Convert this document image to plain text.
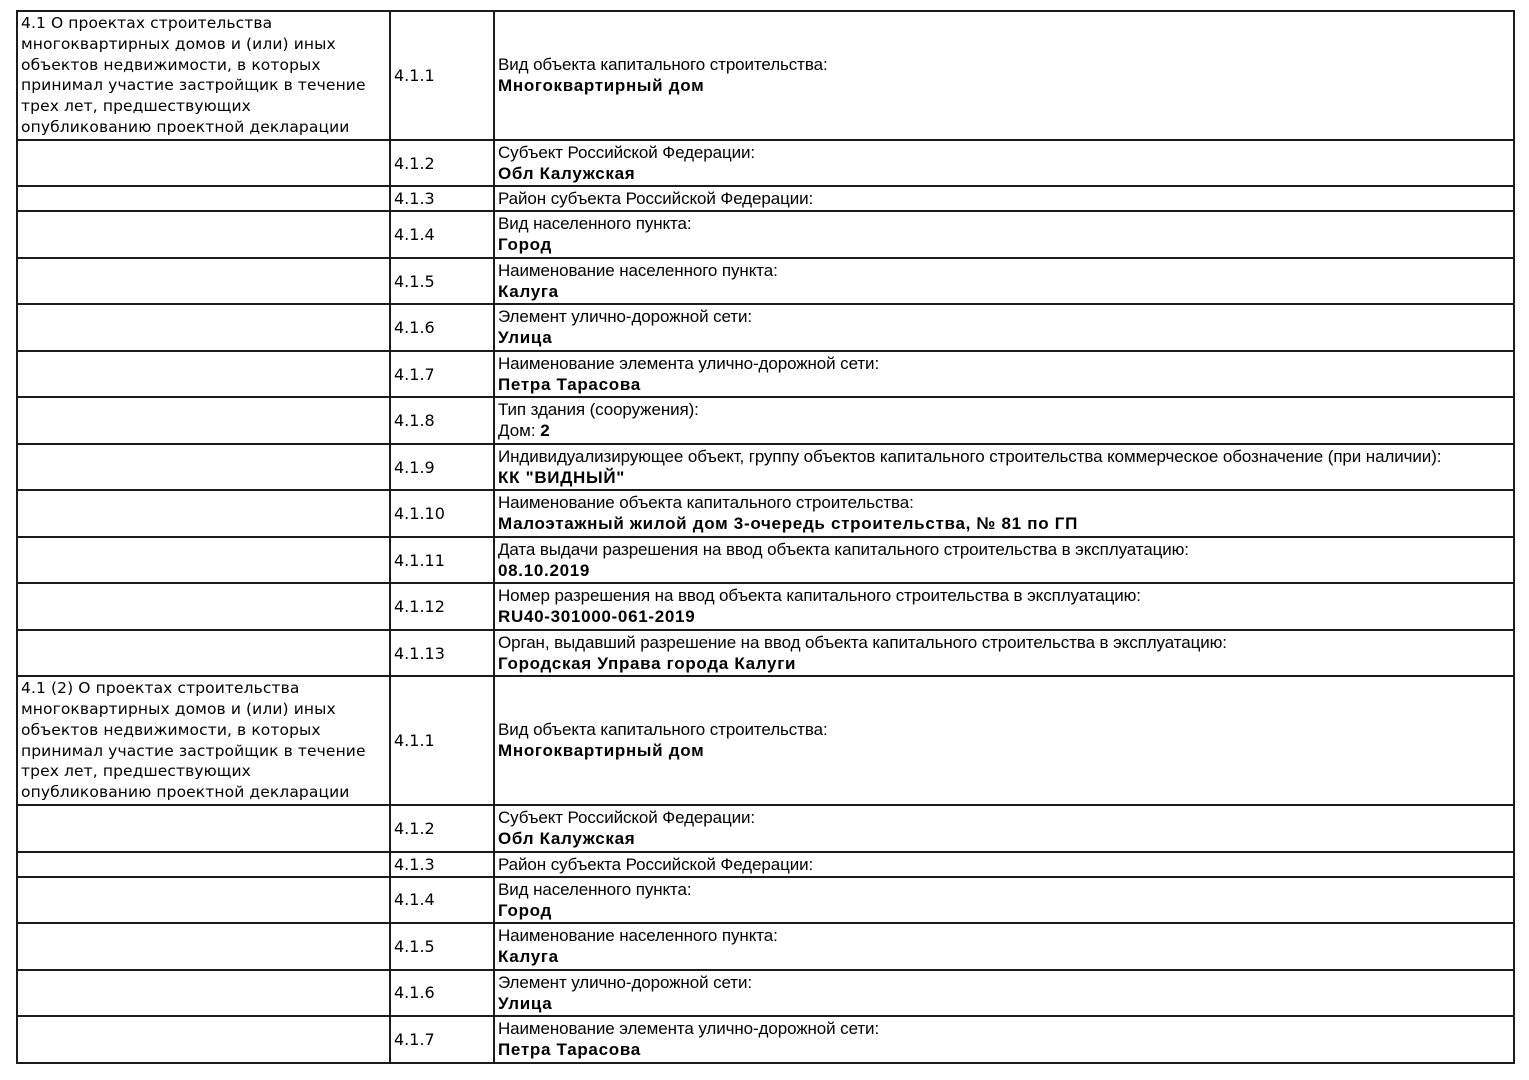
4.1 О проектах строительства многоквартирных домов и (или) иных объектов недвижимости, в которых принимал участие застройщик в течение трех лет, предшествующих опубликованию проектной декларации	4.1.1	Вид объекта капитального строительства:
Многоквартирный дом

	4.1.2	Субъект Российской Федерации:
Обл Калужская

	4.1.3	Район субъекта Российской Федерации:

	4.1.4	Вид населенного пункта:
Город

	4.1.5	Наименование населенного пункта:
Калуга

	4.1.6	Элемент улично-дорожной сети:
Улица

	4.1.7	Наименование элемента улично-дорожной сети:
Петра Тарасова

	4.1.8	Тип здания (сооружения):
Дом: 2

	4.1.9	Индивидуализирующее объект, группу объектов капитального строительства коммерческое обозначение (при наличии):
КК "ВИДНЫЙ"

	4.1.10	Наименование объекта капитального строительства:
Малоэтажный жилой дом 3-очередь строительства, № 81 по ГП

	4.1.11	Дата выдачи разрешения на ввод объекта капитального строительства в эксплуатацию:
08.10.2019

	4.1.12	Номер разрешения на ввод объекта капитального строительства в эксплуатацию:
RU40-301000-061-2019

	4.1.13	Орган, выдавший разрешение на ввод объекта капитального строительства в эксплуатацию:
Городская Управа города Калуги

4.1 (2) О проектах строительства многоквартирных домов и (или) иных объектов недвижимости, в которых принимал участие застройщик в течение трех лет, предшествующих опубликованию проектной декларации	4.1.1	Вид объекта капитального строительства:
Многоквартирный дом

	4.1.2	Субъект Российской Федерации:
Обл Калужская

	4.1.3	Район субъекта Российской Федерации:

	4.1.4	Вид населенного пункта:
Город

	4.1.5	Наименование населенного пункта:
Калуга

	4.1.6	Элемент улично-дорожной сети:
Улица

	4.1.7	Наименование элемента улично-дорожной сети:
Петра Тарасова
